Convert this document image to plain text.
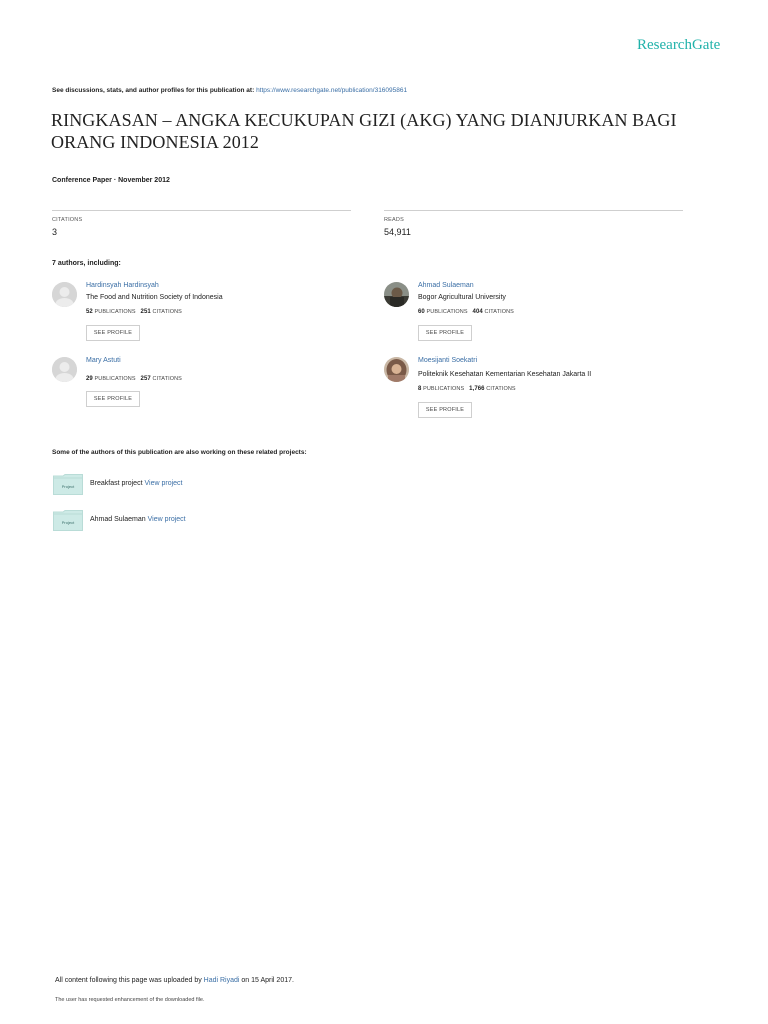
ResearchGate
See discussions, stats, and author profiles for this publication at: https://www.researchgate.net/publication/316095861
RINGKASAN – ANGKA KECUKUPAN GIZI (AKG) YANG DIANJURKAN BAGI
ORANG INDONESIA 2012
Conference Paper · November 2012
CITATIONS
3
READS
54,911
7 authors, including:
Hardinsyah Hardinsyah
The Food and Nutrition Society of Indonesia
52 PUBLICATIONS 251 CITATIONS
SEE PROFILE
Ahmad Sulaeman
Bogor Agricultural University
60 PUBLICATIONS 404 CITATIONS
SEE PROFILE
Mary Astuti
29 PUBLICATIONS 257 CITATIONS
SEE PROFILE
Moesijanti Soekatri
Politeknik Kesehatan Kementarian Kesehatan Jakarta II
8 PUBLICATIONS 1,766 CITATIONS
SEE PROFILE
Some of the authors of this publication are also working on these related projects:
Project	Breakfast project View project
Project	Ahmad Sulaeman View project
All content following this page was uploaded by Hadi Riyadi on 15 April 2017.
The user has requested enhancement of the downloaded file.
